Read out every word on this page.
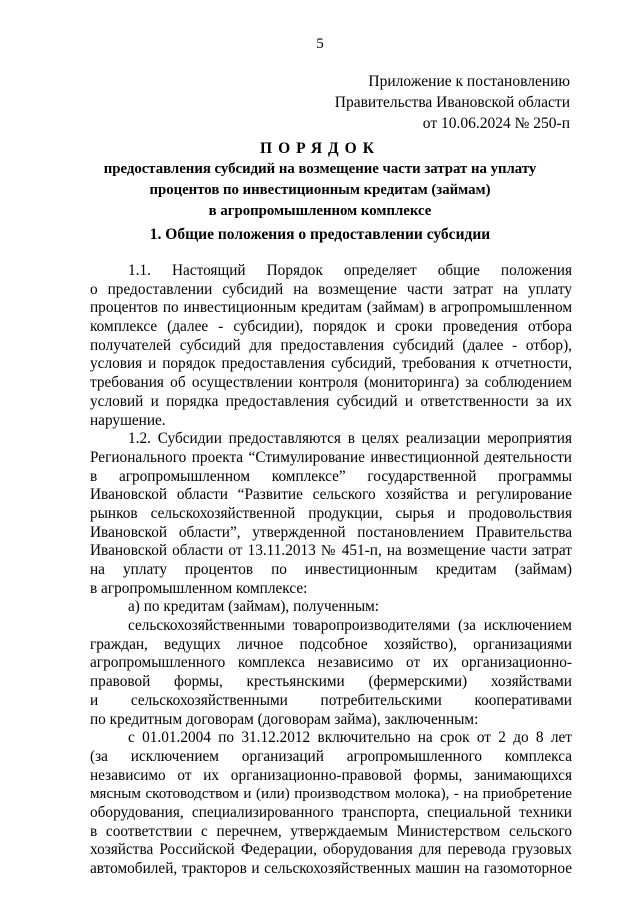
5
Приложение к постановлению
Правительства Ивановской области
от 10.06.2024 № 250-п
ПОРЯДОК
предоставления субсидий на возмещение части затрат на уплату
процентов по инвестиционным кредитам (займам)
в агропромышленном комплексе
1. Общие положения о предоставлении субсидии
1.1. Настоящий Порядок определяет общие положения
о предоставлении субсидий на возмещение части затрат на уплату
процентов по инвестиционным кредитам (займам) в агропромышленном
комплексе (далее - субсидии), порядок и сроки проведения отбора
получателей субсидий для предоставления субсидий (далее - отбор),
условия и порядок предоставления субсидий, требования к отчетности,
требования об осуществлении контроля (мониторинга) за соблюдением
условий и порядка предоставления субсидий и ответственности за их
нарушение.
1.2. Субсидии предоставляются в целях реализации мероприятия
Регионального проекта “Стимулирование инвестиционной деятельности
в агропромышленном комплексе” государственной программы
Ивановской области “Развитие сельского хозяйства и регулирование
рынков сельскохозяйственной продукции, сырья и продовольствия
Ивановской области”, утвержденной постановлением Правительства
Ивановской области от 13.11.2013 № 451-п, на возмещение части затрат
на уплату процентов по инвестиционным кредитам (займам)
в агропромышленном комплексе:
а) по кредитам (займам), полученным:
сельскохозяйственными товаропроизводителями (за исключением
граждан, ведущих личное подсобное хозяйство), организациями
агропромышленного комплекса независимо от их организационно-
правовой формы, крестьянскими (фермерскими) хозяйствами
и сельскохозяйственными потребительскими кооперативами
по кредитным договорам (договорам займа), заключенным:
с 01.01.2004 по 31.12.2012 включительно на срок от 2 до 8 лет
(за исключением организаций агропромышленного комплекса
независимо от их организационно-правовой формы, занимающихся
мясным скотоводством и (или) производством молока), - на приобретение
оборудования, специализированного транспорта, специальной техники
в соответствии с перечнем, утверждаемым Министерством сельского
хозяйства Российской Федерации, оборудования для перевода грузовых
автомобилей, тракторов и сельскохозяйственных машин на газомоторное
